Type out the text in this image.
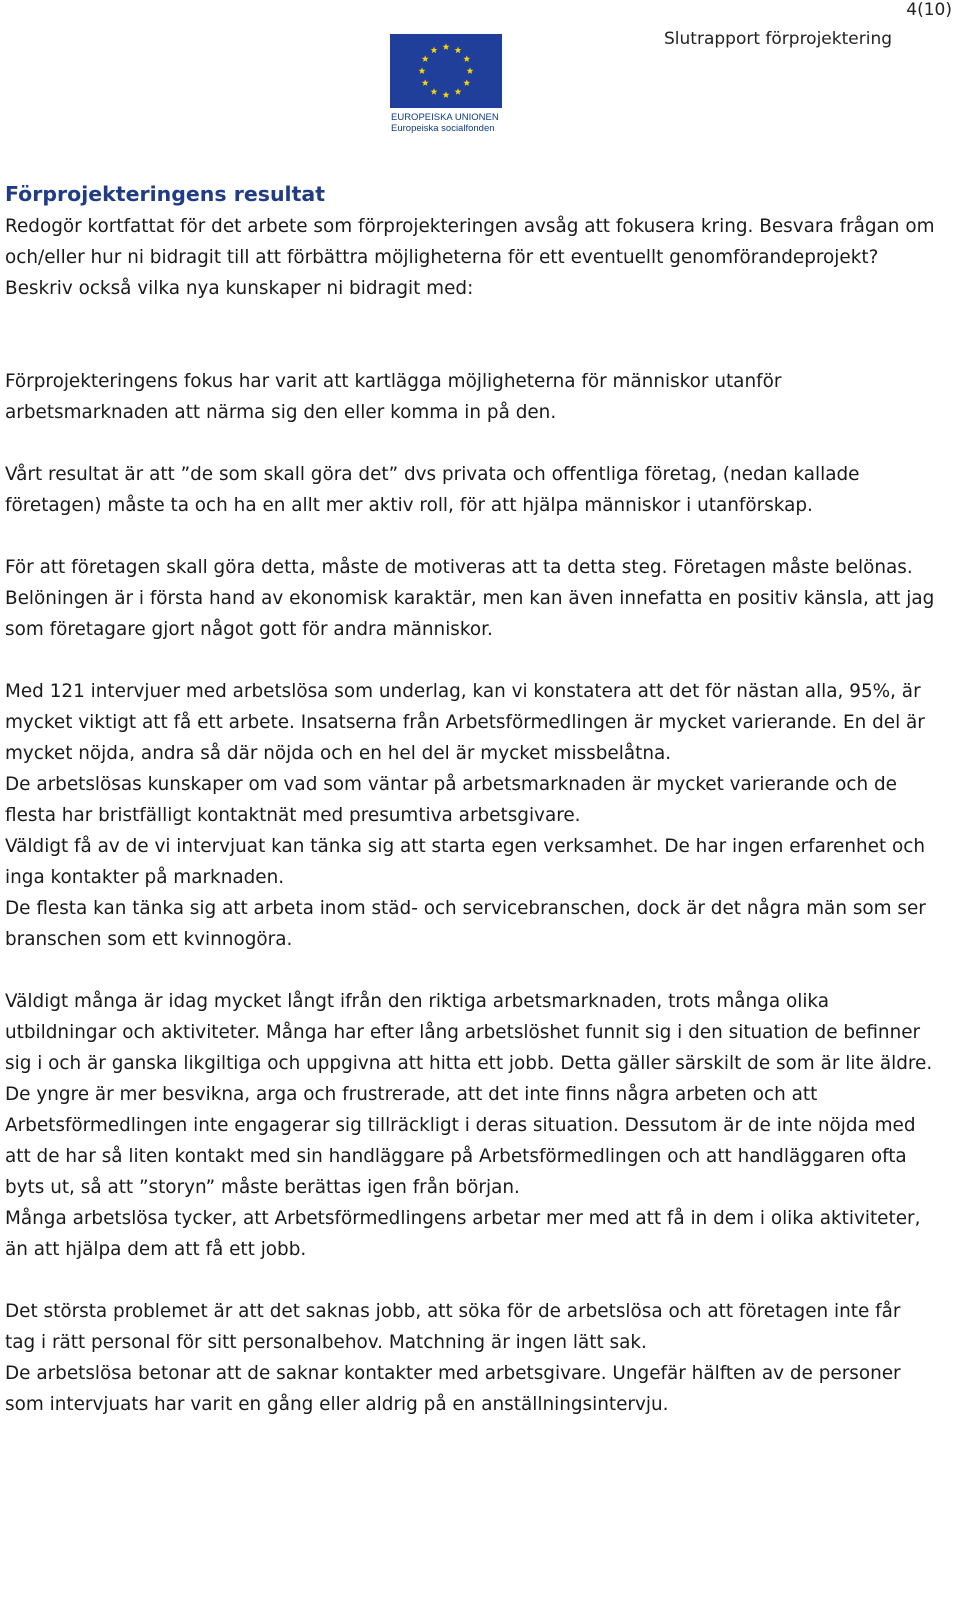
4(10)
Slutrapport förprojektering
EUROPEISKA UNIONEN
Europeiska socialfonden
Förprojekteringens resultat

Redogör kortfattat för det arbete som förprojekteringen avsåg att fokusera kring. Besvara frågan om och/eller hur ni bidragit till att förbättra möjligheterna för ett eventuellt genomförandeprojekt? Beskriv också vilka nya kunskaper ni bidragit med:

Förprojekteringens fokus har varit att kartlägga möjligheterna för människor utanför arbetsmarknaden att närma sig den eller komma in på den.

Vårt resultat är att ”de som skall göra det” dvs privata och offentliga företag, (nedan kallade företagen) måste ta och ha en allt mer aktiv roll, för att hjälpa människor i utanförskap.

För att företagen skall göra detta, måste de motiveras att ta detta steg. Företagen måste belönas.

Belöningen är i första hand av ekonomisk karaktär, men kan även innefatta en positiv känsla, att jag som företagare gjort något gott för andra människor.

Med 121 intervjuer med arbetslösa som underlag, kan vi konstatera att det för nästan alla, 95%, är mycket viktigt att få ett arbete. Insatserna från Arbetsförmedlingen är mycket varierande. En del är mycket nöjda, andra så där nöjda och en hel del är mycket missbelåtna.

De arbetslösas kunskaper om vad som väntar på arbetsmarknaden är mycket varierande och de flesta har bristfälligt kontaktnät med presumtiva arbetsgivare.

Väldigt få av de vi intervjuat kan tänka sig att starta egen verksamhet. De har ingen erfarenhet och inga kontakter på marknaden.

De flesta kan tänka sig att arbeta inom städ- och servicebranschen, dock är det några män som ser branschen som ett kvinnogöra.

Väldigt många är idag mycket långt ifrån den riktiga arbetsmarknaden, trots många olika utbildningar och aktiviteter. Många har efter lång arbetslöshet funnit sig i den situation de befinner sig i och är ganska likgiltiga och uppgivna att hitta ett jobb. Detta gäller särskilt de som är lite äldre.

De yngre är mer besvikna, arga och frustrerade, att det inte finns några arbeten och att Arbetsförmedlingen inte engagerar sig tillräckligt i deras situation. Dessutom är de inte nöjda med att de har så liten kontakt med sin handläggare på Arbetsförmedlingen och att handläggaren ofta byts ut, så att ”storyn” måste berättas igen från början.

Många arbetslösa tycker, att Arbetsförmedlingens arbetar mer med att få in dem i olika aktiviteter, än att hjälpa dem att få ett jobb.

Det största problemet är att det saknas jobb, att söka för de arbetslösa och att företagen inte får tag i rätt personal för sitt personalbehov. Matchning är ingen lätt sak.

De arbetslösa betonar att de saknar kontakter med arbetsgivare. Ungefär hälften av de personer som intervjuats har varit en gång eller aldrig på en anställningsintervju.
